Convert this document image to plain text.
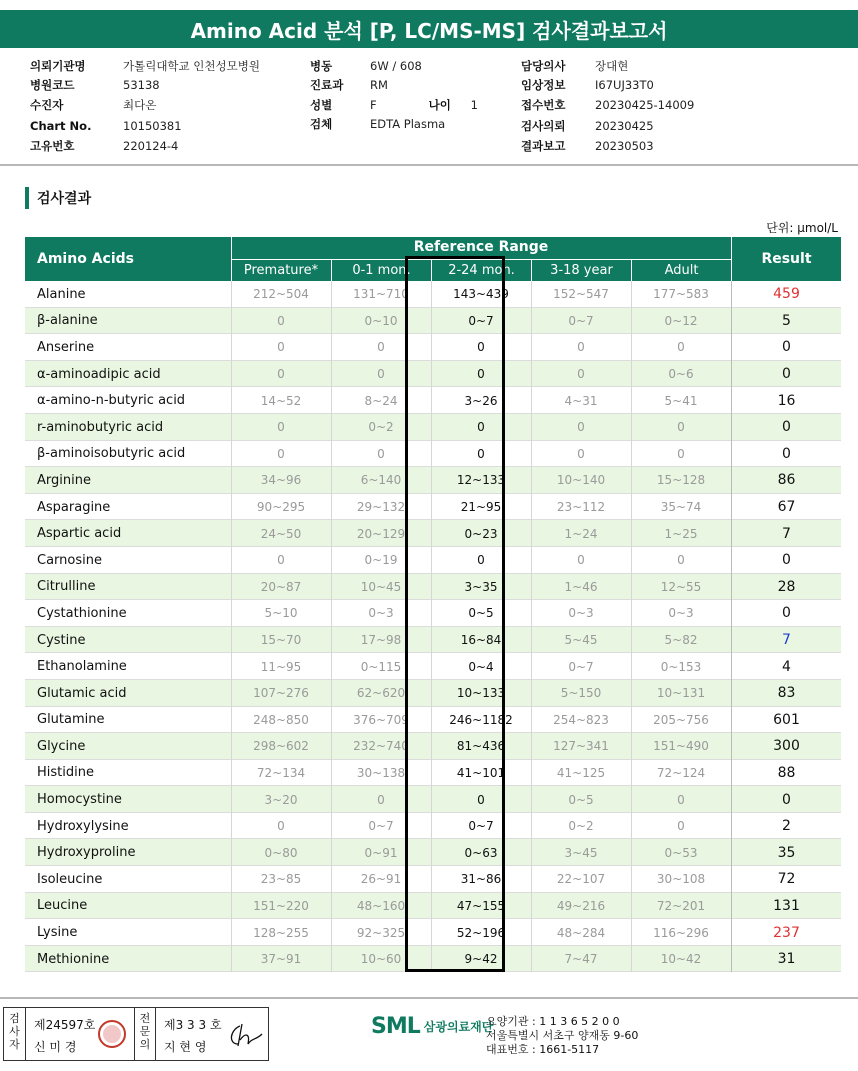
Amino Acid 분석 [P, LC/MS-MS] 검사결과보고서
의뢰기관명	가톨릭대학교 인천성모병원
병원코드	53138
수진자	최다온
Chart No.	10150381
고유번호	220124-4
병동	6W / 608
진료과	RM
성별	F	나이	1
검체	EDTA Plasma
담당의사	장대현
임상정보	I67UJ33T0
접수번호	20230425-14009
검사의뢰	20230425
결과보고	20230503
검사결과
단위: μmol/L
Amino Acids
Reference Range
Result
Premature*	0-1 mon.	2-24 mon.	3-18 year	Adult
Alanine	212~504	131~710	143~439	152~547	177~583	459
β-alanine	0	0~10	0~7	0~7	0~12	5
Anserine	0	0	0	0	0	0
α-aminoadipic acid	0	0	0	0	0~6	0
α-amino-n-butyric acid	14~52	8~24	3~26	4~31	5~41	16
r-aminobutyric acid	0	0~2	0	0	0	0
β-aminoisobutyric acid	0	0	0	0	0	0
Arginine	34~96	6~140	12~133	10~140	15~128	86
Asparagine	90~295	29~132	21~95	23~112	35~74	67
Aspartic acid	24~50	20~129	0~23	1~24	1~25	7
Carnosine	0	0~19	0	0	0	0
Citrulline	20~87	10~45	3~35	1~46	12~55	28
Cystathionine	5~10	0~3	0~5	0~3	0~3	0
Cystine	15~70	17~98	16~84	5~45	5~82	7
Ethanolamine	11~95	0~115	0~4	0~7	0~153	4
Glutamic acid	107~276	62~620	10~133	5~150	10~131	83
Glutamine	248~850	376~709	246~1182	254~823	205~756	601
Glycine	298~602	232~740	81~436	127~341	151~490	300
Histidine	72~134	30~138	41~101	41~125	72~124	88
Homocystine	3~20	0	0	0~5	0	0
Hydroxylysine	0	0~7	0~7	0~2	0	2
Hydroxyproline	0~80	0~91	0~63	3~45	0~53	35
Isoleucine	23~85	26~91	31~86	22~107	30~108	72
Leucine	151~220	48~160	47~155	49~216	72~201	131
Lysine	128~255	92~325	52~196	48~284	116~296	237
Methionine	37~91	10~60	9~42	7~47	10~42	31
검사자
제24597호
신 미 경
전문의
제3 3 3 호
지 현 영
SML 삼광의료재단
요양기관 : 1 1 3 6 5 2 0 0
서울특별시 서초구 양재동 9-60
대표번호 : 1661-5117
